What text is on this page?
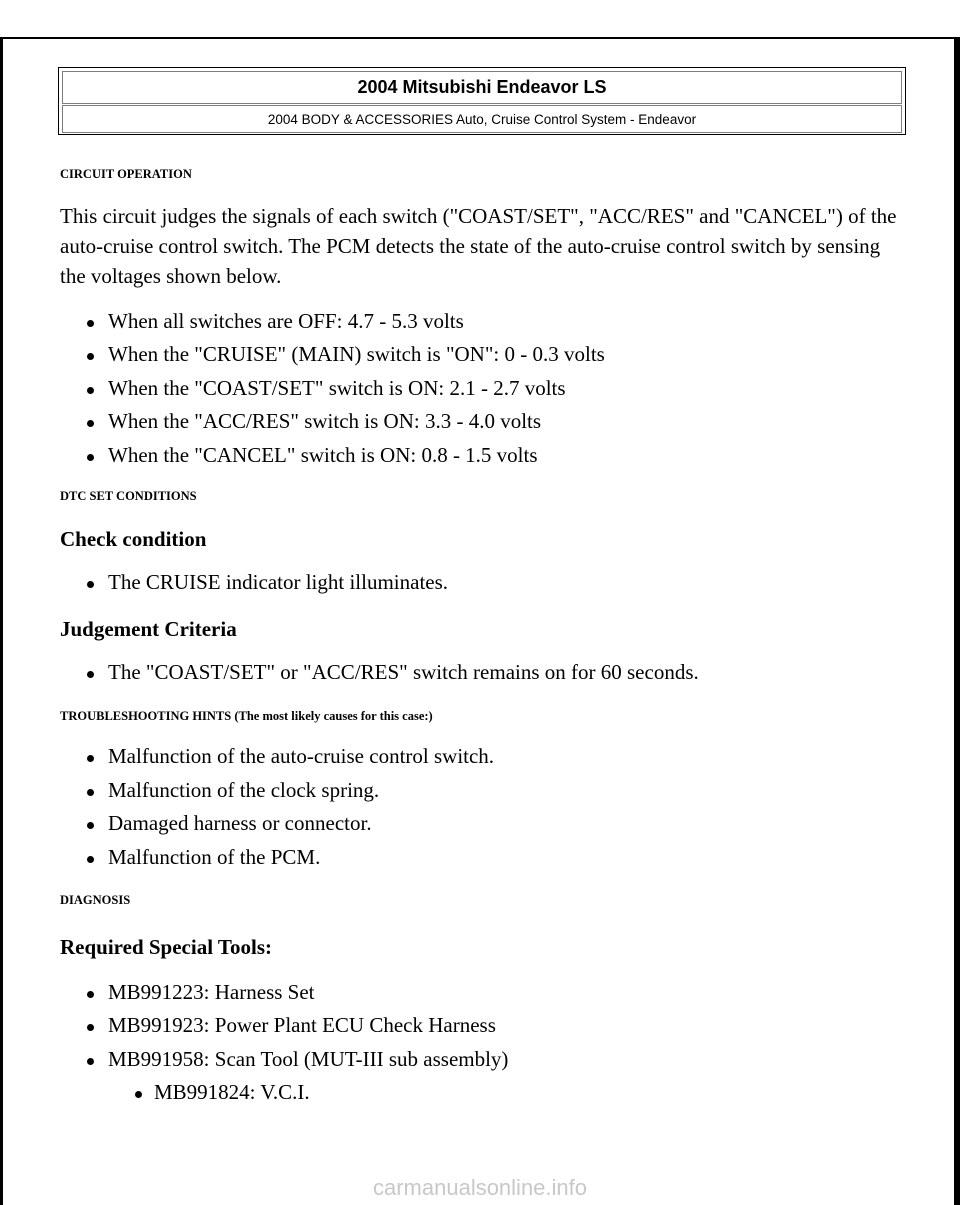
2004 Mitsubishi Endeavor LS
2004 BODY & ACCESSORIES Auto, Cruise Control System - Endeavor

CIRCUIT OPERATION

This circuit judges the signals of each switch ("COAST/SET", "ACC/RES" and "CANCEL") of the auto-cruise control switch. The PCM detects the state of the auto-cruise control switch by sensing the voltages shown below.

When all switches are OFF: 4.7 - 5.3 volts
When the "CRUISE" (MAIN) switch is "ON": 0 - 0.3 volts
When the "COAST/SET" switch is ON: 2.1 - 2.7 volts
When the "ACC/RES" switch is ON: 3.3 - 4.0 volts
When the "CANCEL" switch is ON: 0.8 - 1.5 volts

DTC SET CONDITIONS

Check condition

The CRUISE indicator light illuminates.

Judgement Criteria

The "COAST/SET" or "ACC/RES" switch remains on for 60 seconds.

TROUBLESHOOTING HINTS (The most likely causes for this case:)

Malfunction of the auto-cruise control switch.
Malfunction of the clock spring.
Damaged harness or connector.
Malfunction of the PCM.

DIAGNOSIS

Required Special Tools:

MB991223: Harness Set
MB991923: Power Plant ECU Check Harness
MB991958: Scan Tool (MUT-III sub assembly)
MB991824: V.C.I.
carmanualsonline.info
